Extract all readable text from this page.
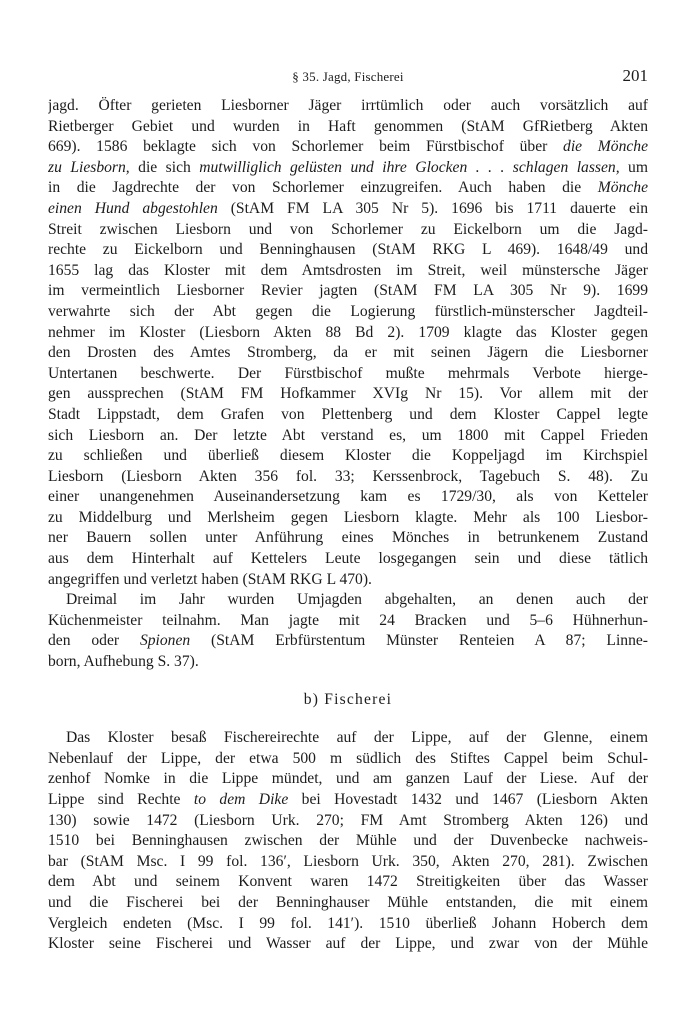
§ 35. Jagd, Fischerei	201
jagd. Öfter gerieten Liesborner Jäger irrtümlich oder auch vorsätzlich auf
Rietberger Gebiet und wurden in Haft genommen (StAM GfRietberg Akten
669). 1586 beklagte sich von Schorlemer beim Fürstbischof über die Mönche
zu Liesborn, die sich mutwilliglich gelüsten und ihre Glocken . . . schlagen lassen, um
in die Jagdrechte der von Schorlemer einzugreifen. Auch haben die Mönche
einen Hund abgestohlen (StAM FM LA 305 Nr 5). 1696 bis 1711 dauerte ein
Streit zwischen Liesborn und von Schorlemer zu Eickelborn um die Jagd-
rechte zu Eickelborn und Benninghausen (StAM RKG L 469). 1648/49 und
1655 lag das Kloster mit dem Amtsdrosten im Streit, weil münstersche Jäger
im vermeintlich Liesborner Revier jagten (StAM FM LA 305 Nr 9). 1699
verwahrte sich der Abt gegen die Logierung fürstlich-münsterscher Jagdteil-
nehmer im Kloster (Liesborn Akten 88 Bd 2). 1709 klagte das Kloster gegen
den Drosten des Amtes Stromberg, da er mit seinen Jägern die Liesborner
Untertanen beschwerte. Der Fürstbischof mußte mehrmals Verbote hierge-
gen aussprechen (StAM FM Hofkammer XVIg Nr 15). Vor allem mit der
Stadt Lippstadt, dem Grafen von Plettenberg und dem Kloster Cappel legte
sich Liesborn an. Der letzte Abt verstand es, um 1800 mit Cappel Frieden
zu schließen und überließ diesem Kloster die Koppeljagd im Kirchspiel
Liesborn (Liesborn Akten 356 fol. 33; Kerssenbrock, Tagebuch S. 48). Zu
einer unangenehmen Auseinandersetzung kam es 1729/30, als von Ketteler
zu Middelburg und Merlsheim gegen Liesborn klagte. Mehr als 100 Liesbor-
ner Bauern sollen unter Anführung eines Mönches in betrunkenem Zustand
aus dem Hinterhalt auf Kettelers Leute losgegangen sein und diese tätlich
angegriffen und verletzt haben (StAM RKG L 470).
Dreimal im Jahr wurden Umjagden abgehalten, an denen auch der
Küchenmeister teilnahm. Man jagte mit 24 Bracken und 5–6 Hühnerhun-
den oder Spionen (StAM Erbfürstentum Münster Renteien A 87; Linne-
born, Aufhebung S. 37).
b) Fischerei
Das Kloster besaß Fischereirechte auf der Lippe, auf der Glenne, einem
Nebenlauf der Lippe, der etwa 500 m südlich des Stiftes Cappel beim Schul-
zenhof Nomke in die Lippe mündet, und am ganzen Lauf der Liese. Auf der
Lippe sind Rechte to dem Dike bei Hovestadt 1432 und 1467 (Liesborn Akten
130) sowie 1472 (Liesborn Urk. 270; FM Amt Stromberg Akten 126) und
1510 bei Benninghausen zwischen der Mühle und der Duvenbecke nachweis-
bar (StAM Msc. I 99 fol. 136′, Liesborn Urk. 350, Akten 270, 281). Zwischen
dem Abt und seinem Konvent waren 1472 Streitigkeiten über das Wasser
und die Fischerei bei der Benninghauser Mühle entstanden, die mit einem
Vergleich endeten (Msc. I 99 fol. 141′). 1510 überließ Johann Hoberch dem
Kloster seine Fischerei und Wasser auf der Lippe, und zwar von der Mühle
